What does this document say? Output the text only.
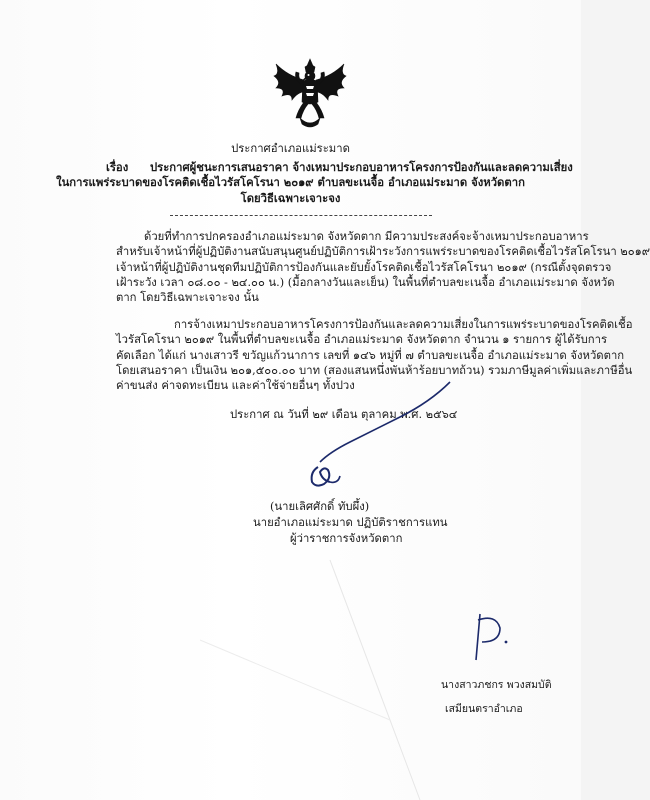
ประกาศอำเภอแม่ระมาด
เรื่อง ประกาศผู้ชนะการเสนอราคา จ้างเหมาประกอบอาหารโครงการป้องกันและลดความเสี่ยง
ในการแพร่ระบาดของโรคติดเชื้อไวรัสโคโรนา ๒๐๑๙ ตำบลขะเนจื้อ อำเภอแม่ระมาด จังหวัดตาก
โดยวิธีเฉพาะเจาะจง
ด้วยที่ทำการปกครองอำเภอแม่ระมาด จังหวัดตาก มีความประสงค์จะจ้างเหมาประกอบอาหาร
สำหรับเจ้าหน้าที่ผู้ปฏิบัติงานสนับสนุนศูนย์ปฏิบัติการเฝ้าระวังการแพร่ระบาดของโรคติดเชื้อไวรัสโคโรนา ๒๐๑๙
เจ้าหน้าที่ผู้ปฏิบัติงานชุดทีมปฏิบัติการป้องกันและยับยั้งโรคติดเชื้อไวรัสโคโรนา ๒๐๑๙ (กรณีตั้งจุดตรวจ
เฝ้าระวัง เวลา ๐๘.๐๐ - ๒๔.๐๐ น.) (มื้อกลางวันและเย็น) ในพื้นที่ตำบลขะเนจื้อ อำเภอแม่ระมาด จังหวัด
ตาก โดยวิธีเฉพาะเจาะจง นั้น
การจ้างเหมาประกอบอาหารโครงการป้องกันและลดความเสี่ยงในการแพร่ระบาดของโรคติดเชื้อ
ไวรัสโคโรนา ๒๐๑๙ ในพื้นที่ตำบลขะเนจื้อ อำเภอแม่ระมาด จังหวัดตาก จำนวน ๑ รายการ ผู้ได้รับการ
คัดเลือก ได้แก่ นางเสาวรี ขวัญแก้วนาการ เลขที่ ๑๔๖ หมู่ที่ ๗ ตำบลขะเนจื้อ อำเภอแม่ระมาด จังหวัดตาก
โดยเสนอราคา เป็นเงิน ๒๐๑,๕๐๐.๐๐ บาท (สองแสนหนึ่งพันห้าร้อยบาทถ้วน) รวมภาษีมูลค่าเพิ่มและภาษีอื่น
ค่าขนส่ง ค่าจดทะเบียน และค่าใช้จ่ายอื่นๆ ทั้งปวง
ประกาศ ณ วันที่ ๒๙ เดือน ตุลาคม พ.ศ. ๒๕๖๔
(นายเลิศศักดิ์ ทับผึ้ง)
นายอำเภอแม่ระมาด ปฏิบัติราชการแทน
ผู้ว่าราชการจังหวัดตาก
นางสาวภชกร พวงสมบัติ
เสมียนตราอำเภอ
